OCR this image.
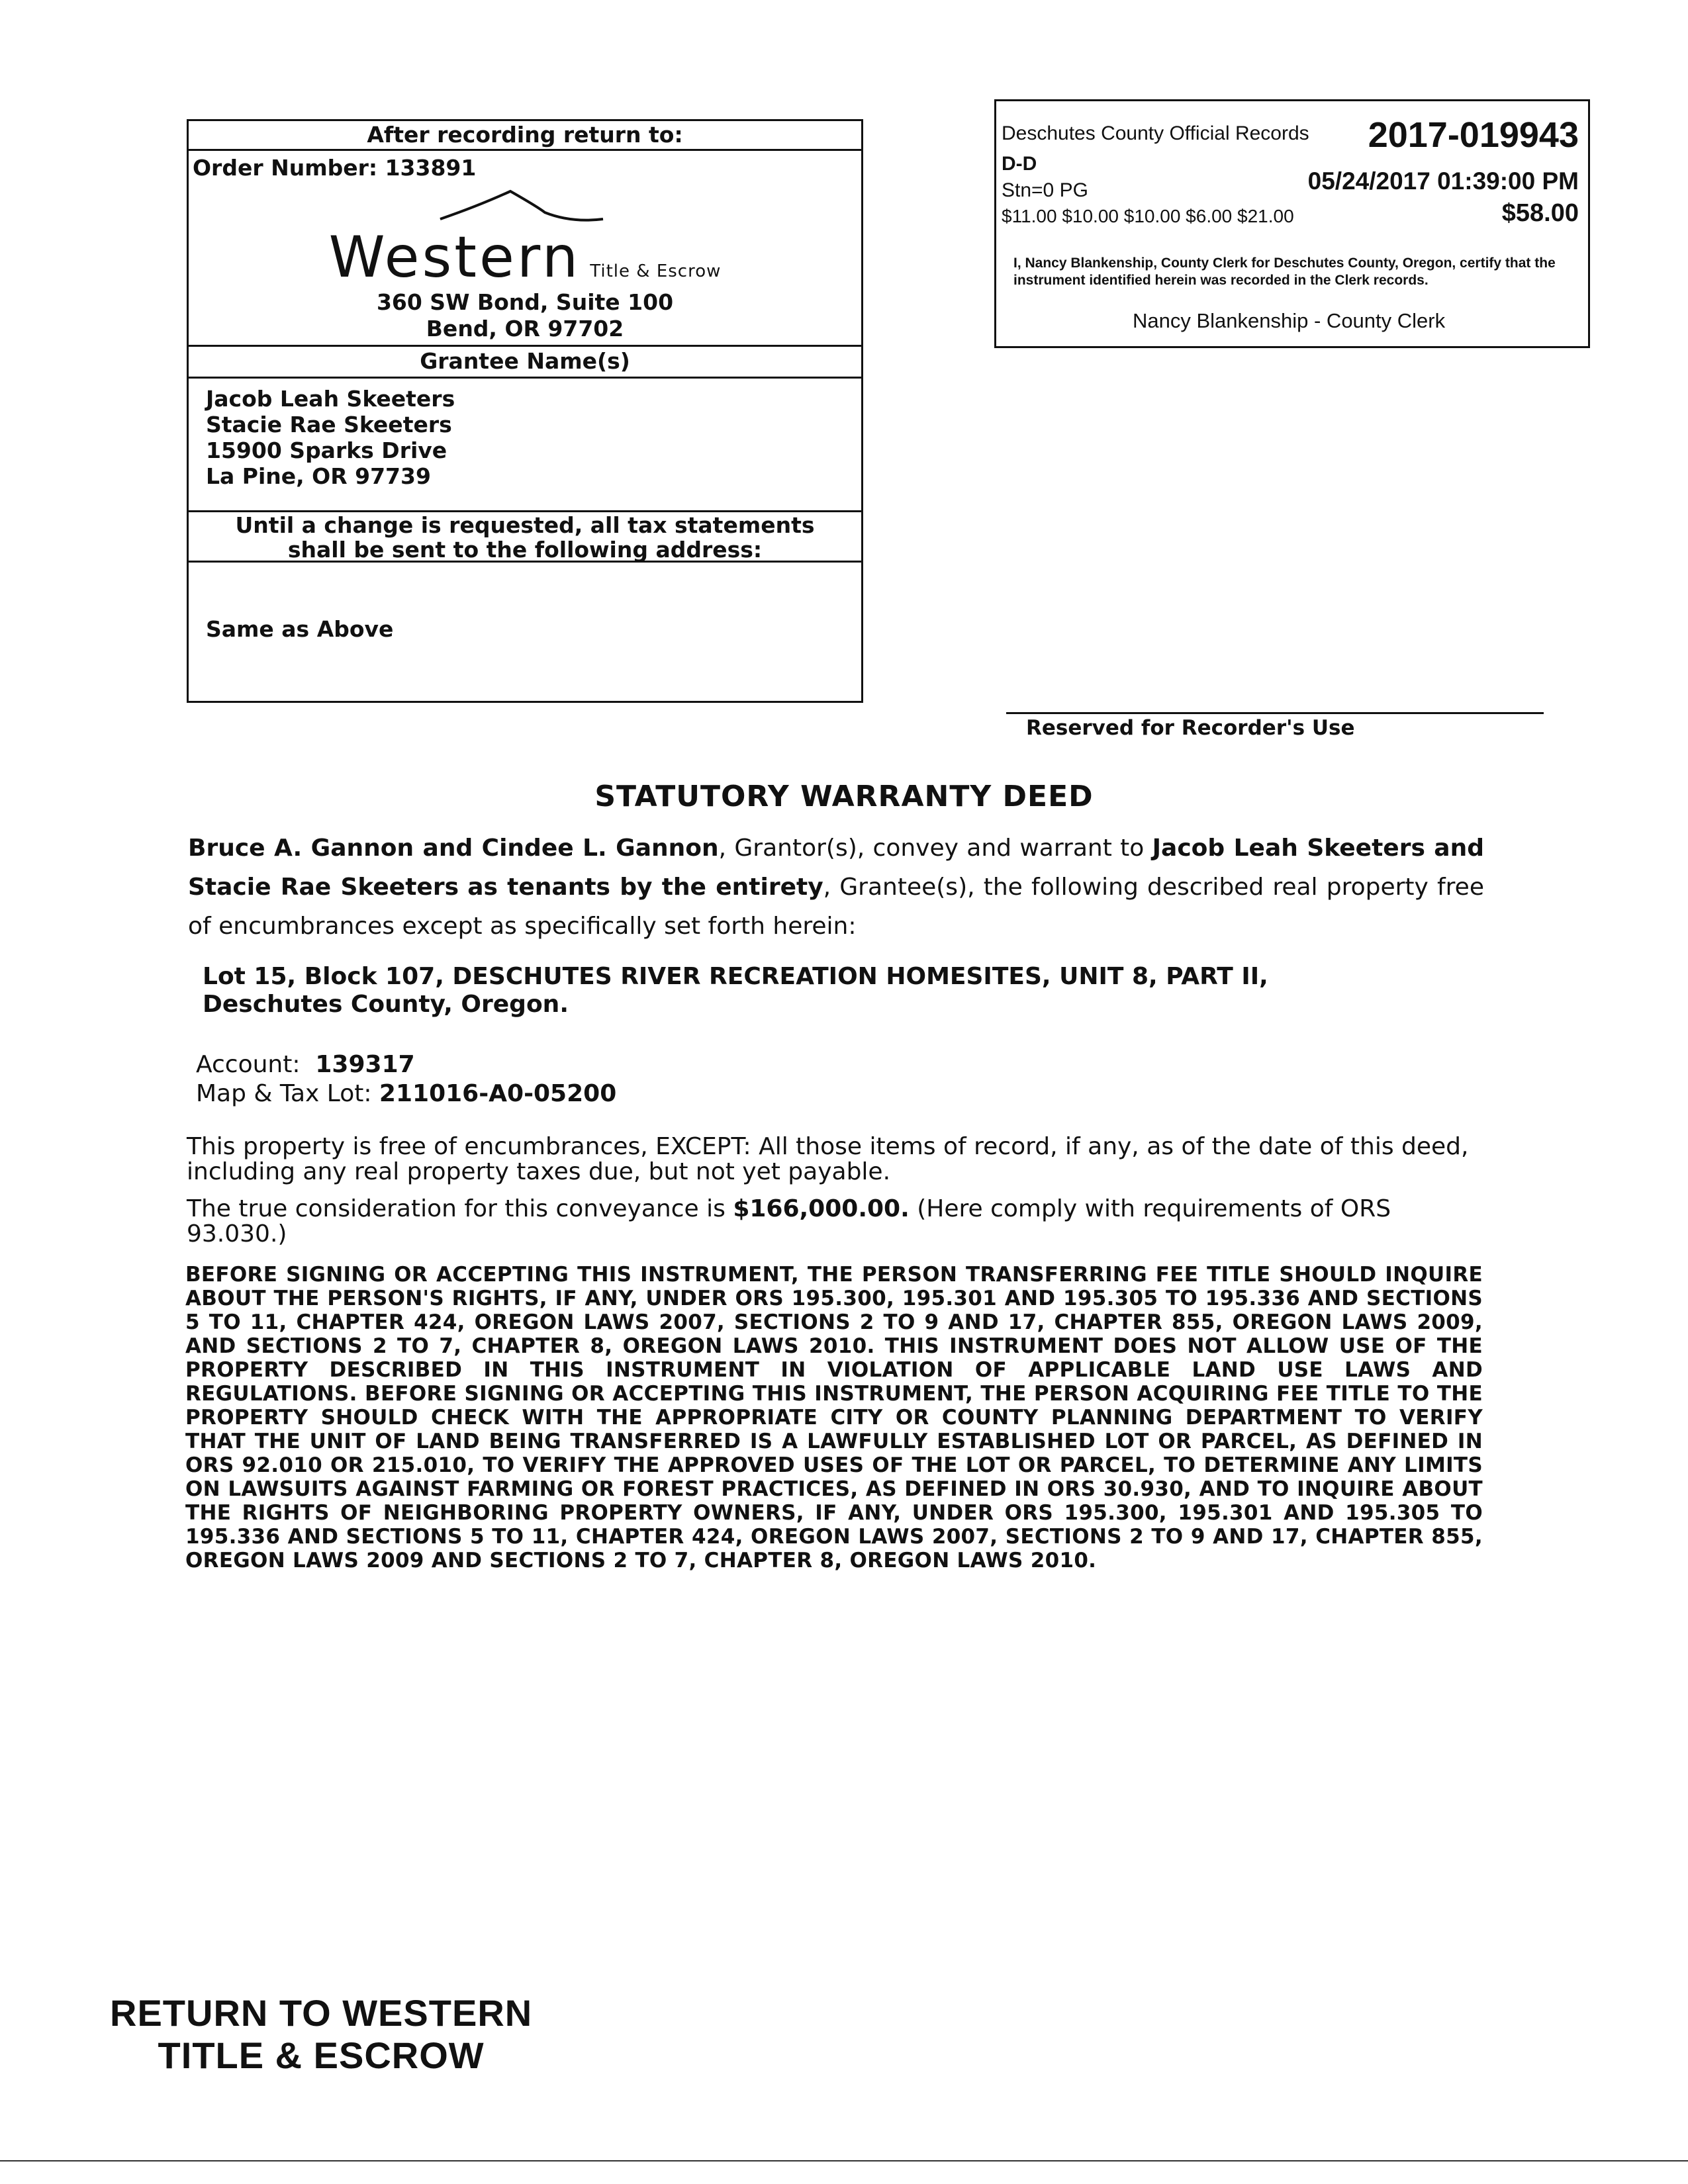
After recording return to:
Order Number: 133891
Western Title & Escrow
360 SW Bond, Suite 100
Bend, OR 97702
Grantee Name(s)
Jacob Leah Skeeters
Stacie Rae Skeeters
15900 Sparks Drive
La Pine, OR 97739
Until a change is requested, all tax statements
shall be sent to the following address:
Same as Above
Deschutes County Official Records 2017-019943
D-D
Stn=0 PG	05/24/2017 01:39:00 PM
$11.00 $10.00 $10.00 $6.00 $21.00	$58.00
I, Nancy Blankenship, County Clerk for Deschutes County, Oregon, certify that the instrument identified herein was recorded in the Clerk records.
Nancy Blankenship - County Clerk
Reserved for Recorder's Use
STATUTORY WARRANTY DEED
Bruce A. Gannon and Cindee L. Gannon, Grantor(s), convey and warrant to Jacob Leah Skeeters and Stacie Rae Skeeters as tenants by the entirety, Grantee(s), the following described real property free of encumbrances except as specifically set forth herein:
Lot 15, Block 107, DESCHUTES RIVER RECREATION HOMESITES, UNIT 8, PART II, Deschutes County, Oregon.
Account: 139317
Map & Tax Lot: 211016-A0-05200
This property is free of encumbrances, EXCEPT: All those items of record, if any, as of the date of this deed, including any real property taxes due, but not yet payable.
The true consideration for this conveyance is $166,000.00. (Here comply with requirements of ORS 93.030.)
BEFORE SIGNING OR ACCEPTING THIS INSTRUMENT, THE PERSON TRANSFERRING FEE TITLE SHOULD INQUIRE ABOUT THE PERSON'S RIGHTS, IF ANY, UNDER ORS 195.300, 195.301 AND 195.305 TO 195.336 AND SECTIONS 5 TO 11, CHAPTER 424, OREGON LAWS 2007, SECTIONS 2 TO 9 AND 17, CHAPTER 855, OREGON LAWS 2009, AND SECTIONS 2 TO 7, CHAPTER 8, OREGON LAWS 2010. THIS INSTRUMENT DOES NOT ALLOW USE OF THE PROPERTY DESCRIBED IN THIS INSTRUMENT IN VIOLATION OF APPLICABLE LAND USE LAWS AND REGULATIONS. BEFORE SIGNING OR ACCEPTING THIS INSTRUMENT, THE PERSON ACQUIRING FEE TITLE TO THE PROPERTY SHOULD CHECK WITH THE APPROPRIATE CITY OR COUNTY PLANNING DEPARTMENT TO VERIFY THAT THE UNIT OF LAND BEING TRANSFERRED IS A LAWFULLY ESTABLISHED LOT OR PARCEL, AS DEFINED IN ORS 92.010 OR 215.010, TO VERIFY THE APPROVED USES OF THE LOT OR PARCEL, TO DETERMINE ANY LIMITS ON LAWSUITS AGAINST FARMING OR FOREST PRACTICES, AS DEFINED IN ORS 30.930, AND TO INQUIRE ABOUT THE RIGHTS OF NEIGHBORING PROPERTY OWNERS, IF ANY, UNDER ORS 195.300, 195.301 AND 195.305 TO 195.336 AND SECTIONS 5 TO 11, CHAPTER 424, OREGON LAWS 2007, SECTIONS 2 TO 9 AND 17, CHAPTER 855, OREGON LAWS 2009 AND SECTIONS 2 TO 7, CHAPTER 8, OREGON LAWS 2010.
RETURN TO WESTERN
TITLE & ESCROW
